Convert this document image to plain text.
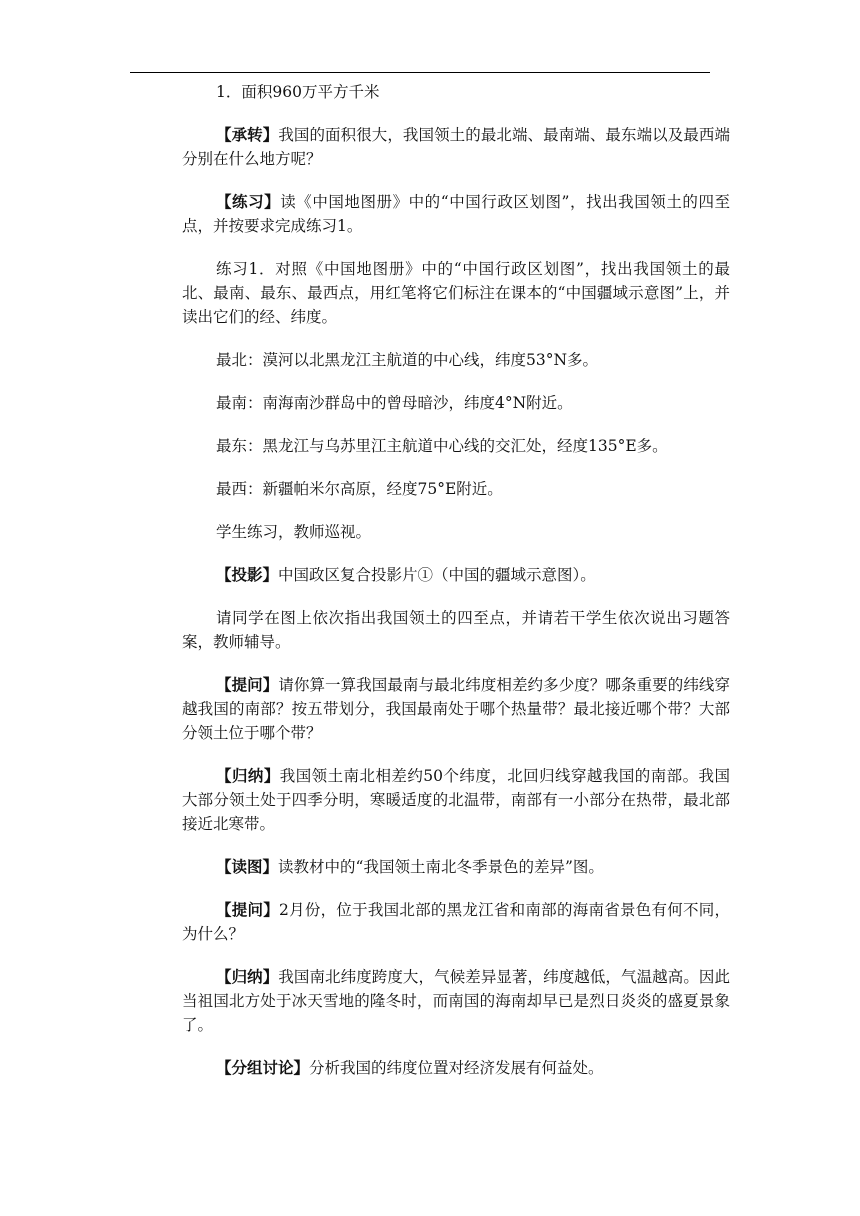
1．面积960万平方千米

【承转】我国的面积很大，我国领土的最北端、最南端、最东端以及最西端分别在什么地方呢？

【练习】读《中国地图册》中的“中国行政区划图”，找出我国领土的四至点，并按要求完成练习1。

练习1．对照《中国地图册》中的“中国行政区划图”，找出我国领土的最北、最南、最东、最西点，用红笔将它们标注在课本的“中国疆域示意图”上，并读出它们的经、纬度。

最北：漠河以北黑龙江主航道的中心线，纬度53°N多。

最南：南海南沙群岛中的曾母暗沙，纬度4°N附近。

最东：黑龙江与乌苏里江主航道中心线的交汇处，经度135°E多。

最西：新疆帕米尔高原，经度75°E附近。

学生练习，教师巡视。

【投影】中国政区复合投影片①（中国的疆域示意图）。

请同学在图上依次指出我国领土的四至点，并请若干学生依次说出习题答案，教师辅导。

【提问】请你算一算我国最南与最北纬度相差约多少度？哪条重要的纬线穿越我国的南部？按五带划分，我国最南处于哪个热量带？最北接近哪个带？大部分领土位于哪个带？

【归纳】我国领土南北相差约50个纬度，北回归线穿越我国的南部。我国大部分领土处于四季分明，寒暖适度的北温带，南部有一小部分在热带，最北部接近北寒带。

【读图】读教材中的“我国领土南北冬季景色的差异”图。

【提问】2月份，位于我国北部的黑龙江省和南部的海南省景色有何不同，为什么？

【归纳】我国南北纬度跨度大，气候差异显著，纬度越低，气温越高。因此当祖国北方处于冰天雪地的隆冬时，而南国的海南却早已是烈日炎炎的盛夏景象了。

【分组讨论】分析我国的纬度位置对经济发展有何益处。
